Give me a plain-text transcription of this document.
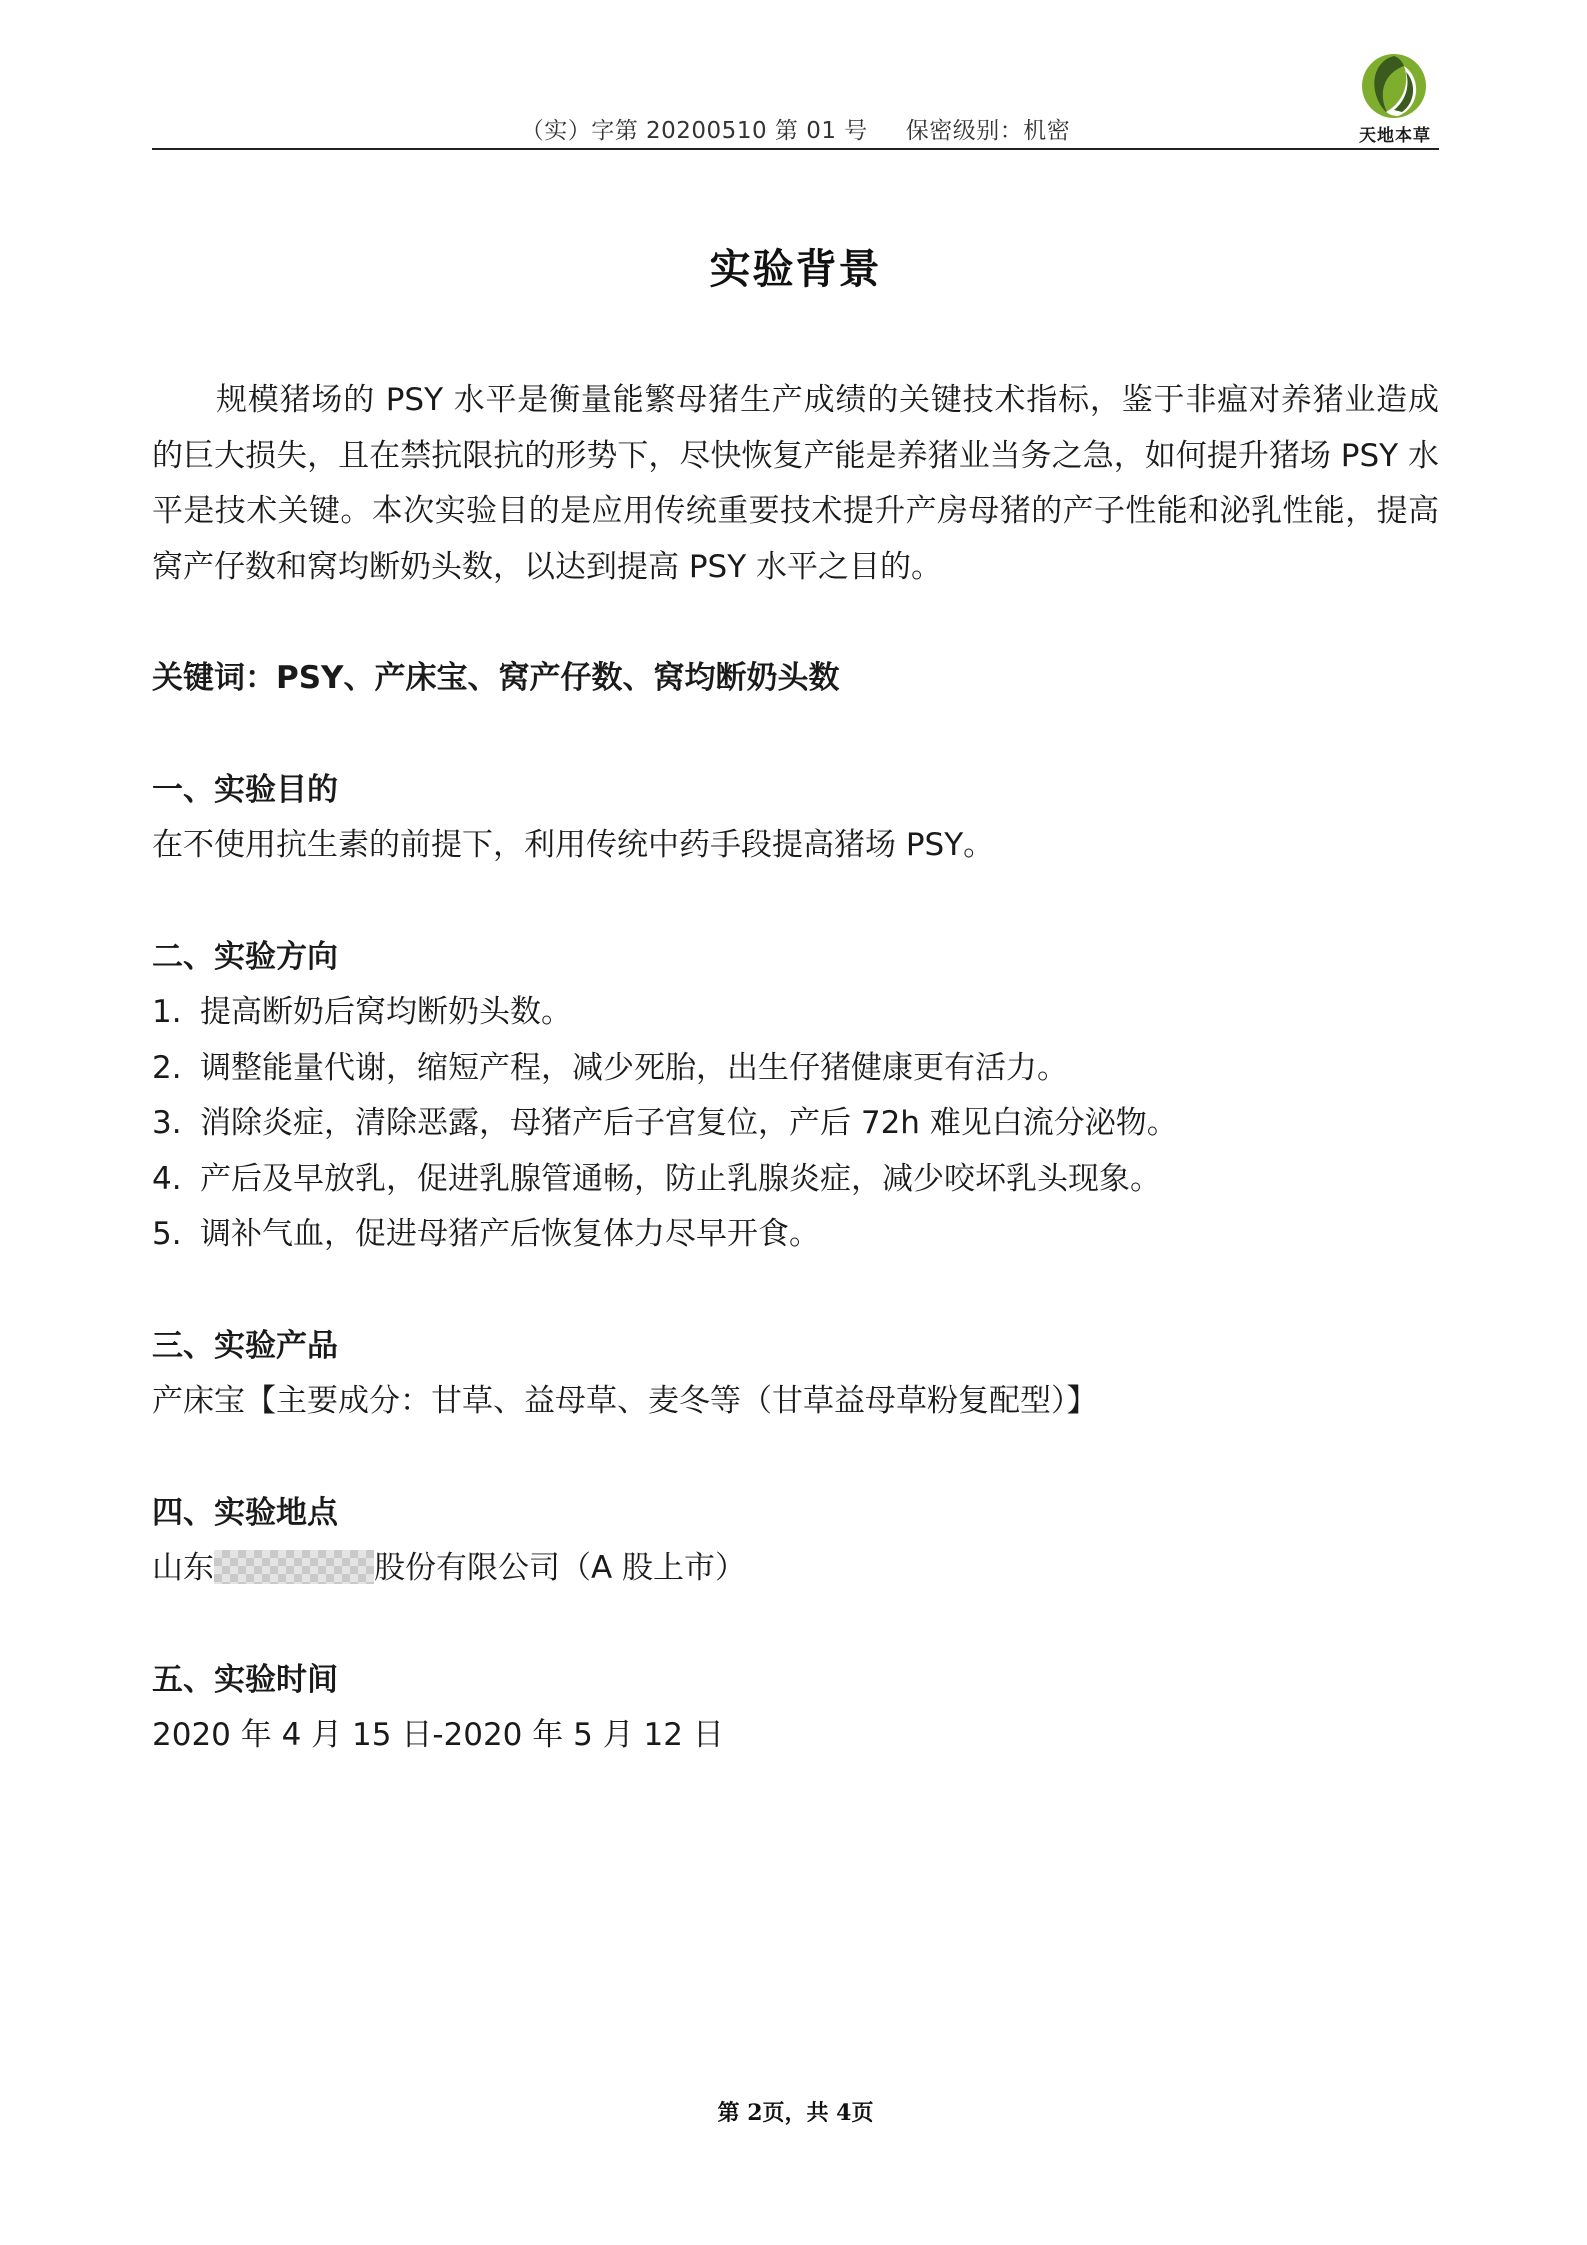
（实）字第 20200510 第 01 号 保密级别：机密	天地本草
实验背景

规模猪场的 PSY 水平是衡量能繁母猪生产成绩的关键技术指标，鉴于非瘟对养猪业造成的巨大损失，且在禁抗限抗的形势下，尽快恢复产能是养猪业当务之急，如何提升猪场 PSY 水平是技术关键。本次实验目的是应用传统重要技术提升产房母猪的产子性能和泌乳性能，提高窝产仔数和窝均断奶头数，以达到提高 PSY 水平之目的。

关键词：PSY、产床宝、窝产仔数、窝均断奶头数

一、实验目的

在不使用抗生素的前提下，利用传统中药手段提高猪场 PSY。

二、实验方向

1. 提高断奶后窝均断奶头数。
2. 调整能量代谢，缩短产程，减少死胎，出生仔猪健康更有活力。
3. 消除炎症，清除恶露，母猪产后子宫复位，产后 72h 难见白流分泌物。
4. 产后及早放乳，促进乳腺管通畅，防止乳腺炎症，减少咬坏乳头现象。
5. 调补气血，促进母猪产后恢复体力尽早开食。

三、实验产品

产床宝【主要成分：甘草、益母草、麦冬等（甘草益母草粉复配型）】

四、实验地点

山东	股份有限公司（A 股上市）

五、实验时间

2020 年 4 月 15 日-2020 年 5 月 12 日

第 2页，共 4页
